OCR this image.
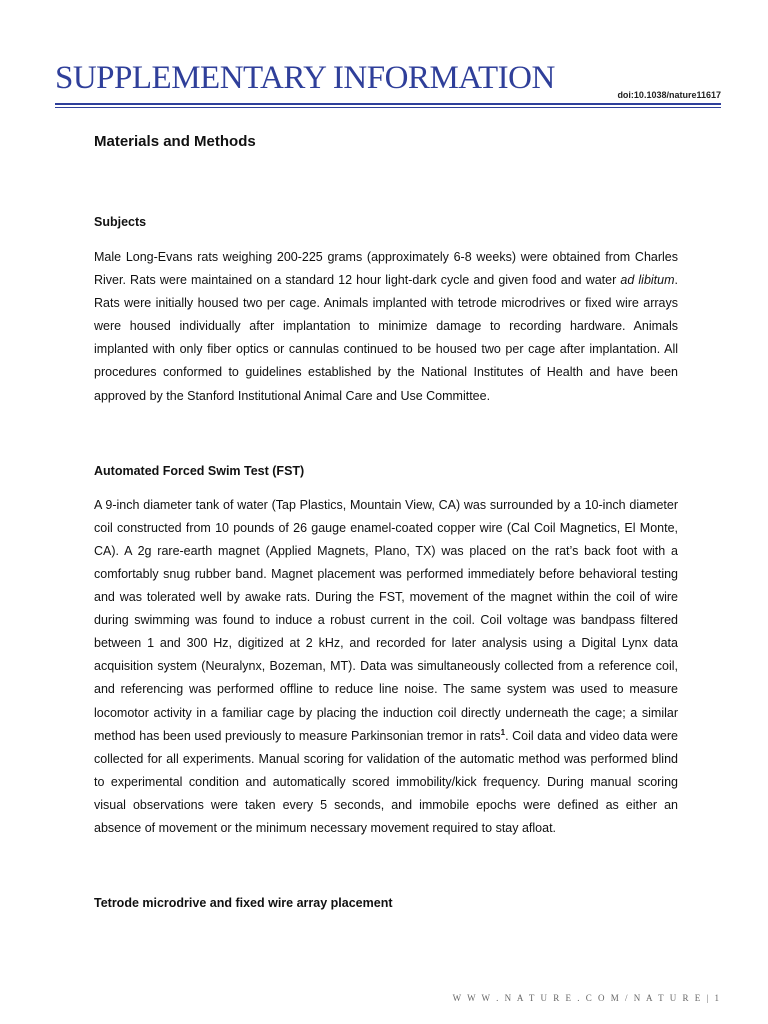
SUPPLEMENTARY INFORMATION	doi:10.1038/nature11617
Materials and Methods
Subjects

Male Long-Evans rats weighing 200-225 grams (approximately 6-8 weeks) were obtained from Charles River. Rats were maintained on a standard 12 hour light-dark cycle and given food and water ad libitum. Rats were initially housed two per cage. Animals implanted with tetrode microdrives or fixed wire arrays were housed individually after implantation to minimize damage to recording hardware. Animals implanted with only fiber optics or cannulas continued to be housed two per cage after implantation. All procedures conformed to guidelines established by the National Institutes of Health and have been approved by the Stanford Institutional Animal Care and Use Committee.

Automated Forced Swim Test (FST)

A 9-inch diameter tank of water (Tap Plastics, Mountain View, CA) was surrounded by a 10-inch diameter coil constructed from 10 pounds of 26 gauge enamel-coated copper wire (Cal Coil Magnetics, El Monte, CA). A 2g rare-earth magnet (Applied Magnets, Plano, TX) was placed on the rat’s back foot with a comfortably snug rubber band. Magnet placement was performed immediately before behavioral testing and was tolerated well by awake rats. During the FST, movement of the magnet within the coil of wire during swimming was found to induce a robust current in the coil. Coil voltage was bandpass filtered between 1 and 300 Hz, digitized at 2 kHz, and recorded for later analysis using a Digital Lynx data acquisition system (Neuralynx, Bozeman, MT). Data was simultaneously collected from a reference coil, and referencing was performed offline to reduce line noise. The same system was used to measure locomotor activity in a familiar cage by placing the induction coil directly underneath the cage; a similar method has been used previously to measure Parkinsonian tremor in rats$^1$. Coil data and video data were collected for all experiments. Manual scoring for validation of the automatic method was performed blind to experimental condition and automatically scored immobility/kick frequency. During manual scoring visual observations were taken every 5 seconds, and immobile epochs were defined as either an absence of movement or the minimum necessary movement required to stay afloat.

Tetrode microdrive and fixed wire array placement
W W W . N A T U R E . C O M / N A T U R E | 1
